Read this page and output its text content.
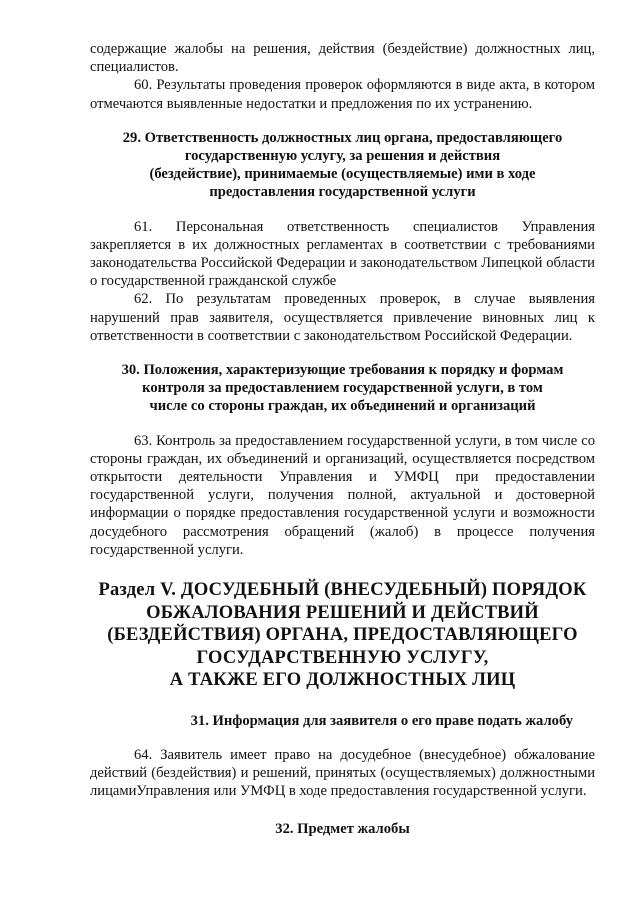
содержащие жалобы на решения, действия (бездействие) должностных лиц, специалистов.

60. Результаты проведения проверок оформляются в виде акта, в котором отмечаются выявленные недостатки и предложения по их устранению.

29. Ответственность должностных лиц органа, предоставляющего

государственную услугу, за решения и действия

(бездействие), принимаемые (осуществляемые) ими в ходе

предоставления государственной услуги

61. Персональная ответственность специалистов Управления закрепляется в их должностных регламентах в соответствии с требованиями законодательства Российской Федерации и законодательством Липецкой области о государственной гражданской службе

62. По результатам проведенных проверок, в случае выявления нарушений прав заявителя, осуществляется привлечение виновных лиц к ответственности в соответствии с законодательством Российской Федерации.

30. Положения, характеризующие требования к порядку и формам

контроля за предоставлением государственной услуги, в том

числе со стороны граждан, их объединений и организаций

63. Контроль за предоставлением государственной услуги, в том числе со стороны граждан, их объединений и организаций, осуществляется посредством открытости деятельности Управления и УМФЦ при предоставлении государственной услуги, получения полной, актуальной и достоверной информации о порядке предоставления государственной услуги и возможности досудебного рассмотрения обращений (жалоб) в процессе получения государственной услуги.

Раздел V. ДОСУДЕБНЫЙ (ВНЕСУДЕБНЫЙ) ПОРЯДОК

ОБЖАЛОВАНИЯ РЕШЕНИЙ И ДЕЙСТВИЙ

(БЕЗДЕЙСТВИЯ) ОРГАНА, ПРЕДОСТАВЛЯЮЩЕГО

ГОСУДАРСТВЕННУЮ УСЛУГУ,

А ТАКЖЕ ЕГО ДОЛЖНОСТНЫХ ЛИЦ

31. Информация для заявителя о его праве подать жалобу

64. Заявитель имеет право на досудебное (внесудебное) обжалование действий (бездействия) и решений, принятых (осуществляемых) должностными лицамиУправления или УМФЦ в ходе предоставления государственной услуги.

32. Предмет жалобы
